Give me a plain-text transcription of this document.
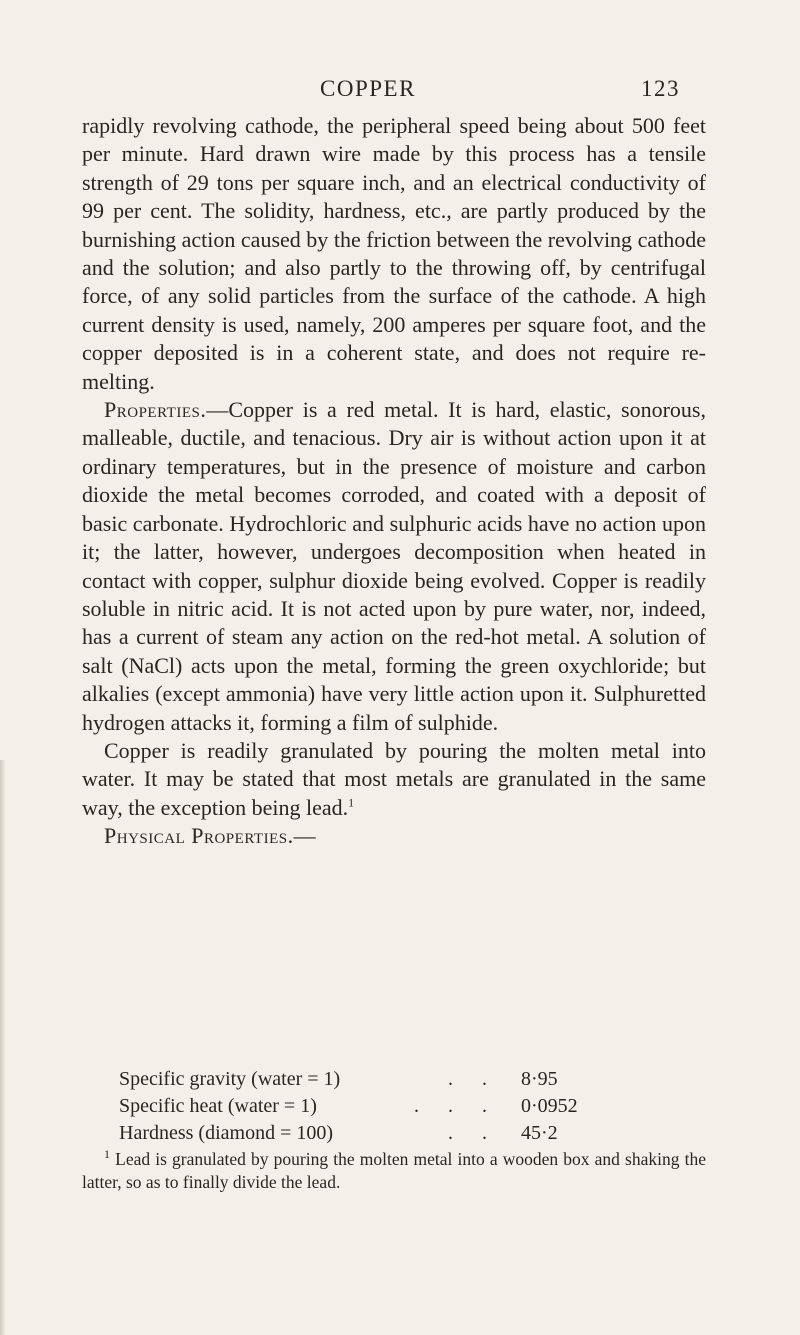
COPPER	123

rapidly revolving cathode, the peripheral speed being about 500 feet per minute. Hard drawn wire made by this process has a tensile strength of 29 tons per square inch, and an electrical conductivity of 99 per cent. The solidity, hardness, etc., are partly produced by the burnishing action caused by the friction between the revolving cathode and the solution; and also partly to the throwing off, by centrifugal force, of any solid particles from the surface of the cathode. A high current density is used, namely, 200 amperes per square foot, and the copper deposited is in a coherent state, and does not require re-melting.

Properties.—Copper is a red metal. It is hard, elastic, sonorous, malleable, ductile, and tenacious. Dry air is without action upon it at ordinary temperatures, but in the presence of moisture and carbon dioxide the metal becomes corroded, and coated with a deposit of basic carbonate. Hydrochloric and sulphuric acids have no action upon it; the latter, however, undergoes decomposition when heated in contact with copper, sulphur dioxide being evolved. Copper is readily soluble in nitric acid. It is not acted upon by pure water, nor, indeed, has a current of steam any action on the red-hot metal. A solution of salt (NaCl) acts upon the metal, forming the green oxychloride; but alkalies (except ammonia) have very little action upon it. Sulphuretted hydrogen attacks it, forming a film of sulphide.

Copper is readily granulated by pouring the molten metal into water. It may be stated that most metals are granulated in the same way, the exception being lead.$^1$

Physical Properties.—

Specific gravity (water = 1)	. .	8·95
Specific heat (water = 1)	. . .	0·0952
Hardness (diamond = 100)	. .	45·2
$^1$ Lead is granulated by pouring the molten metal into a wooden box and shaking the latter, so as to finally divide the lead.
